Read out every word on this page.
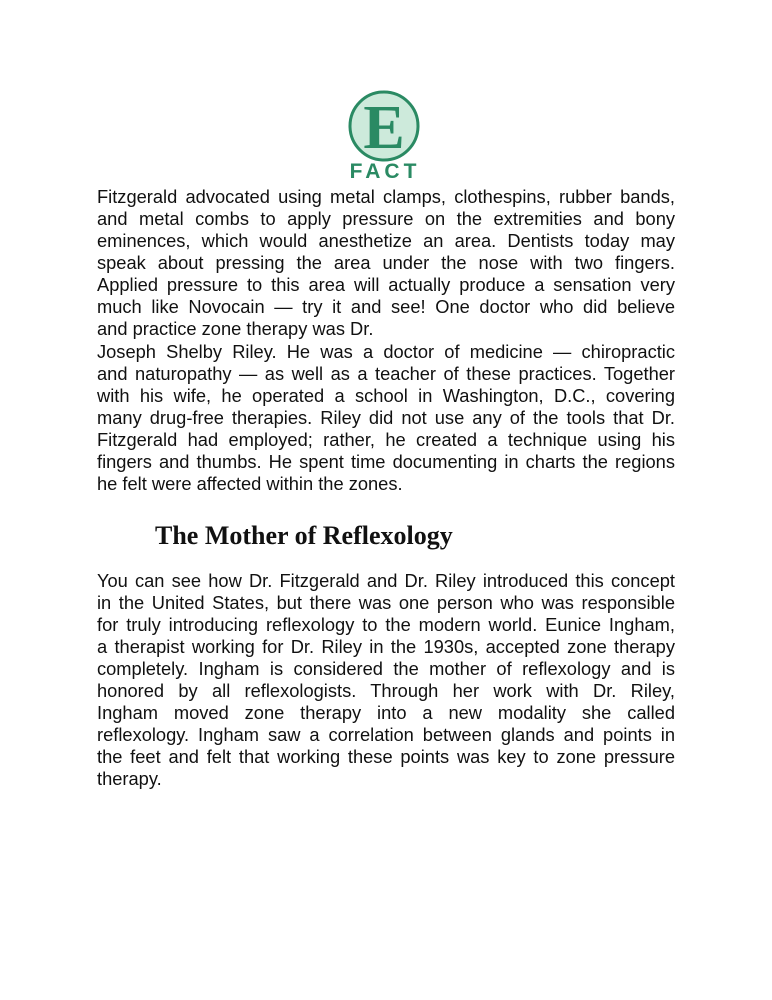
E
FACT
Fitzgerald advocated using metal clamps, clothespins, rubber bands,
and metal combs to apply pressure on the extremities and bony
eminences, which would anesthetize an area. Dentists today may
speak about pressing the area under the nose with two fingers.
Applied pressure to this area will actually produce a sensation very
much like Novocain — try it and see! One doctor who did believe
and practice zone therapy was Dr.
Joseph Shelby Riley. He was a doctor of medicine — chiropractic
and naturopathy — as well as a teacher of these practices. Together
with his wife, he operated a school in Washington, D.C., covering
many drug-free therapies. Riley did not use any of the tools that Dr.
Fitzgerald had employed; rather, he created a technique using his
fingers and thumbs. He spent time documenting in charts the regions
he felt were affected within the zones.
The Mother of Reflexology
You can see how Dr. Fitzgerald and Dr. Riley introduced this concept
in the United States, but there was one person who was responsible
for truly introducing reflexology to the modern world. Eunice Ingham,
a therapist working for Dr. Riley in the 1930s, accepted zone therapy
completely. Ingham is considered the mother of reflexology and is
honored by all reflexologists. Through her work with Dr. Riley,
Ingham moved zone therapy into a new modality she called
reflexology. Ingham saw a correlation between glands and points in
the feet and felt that working these points was key to zone pressure
therapy.
